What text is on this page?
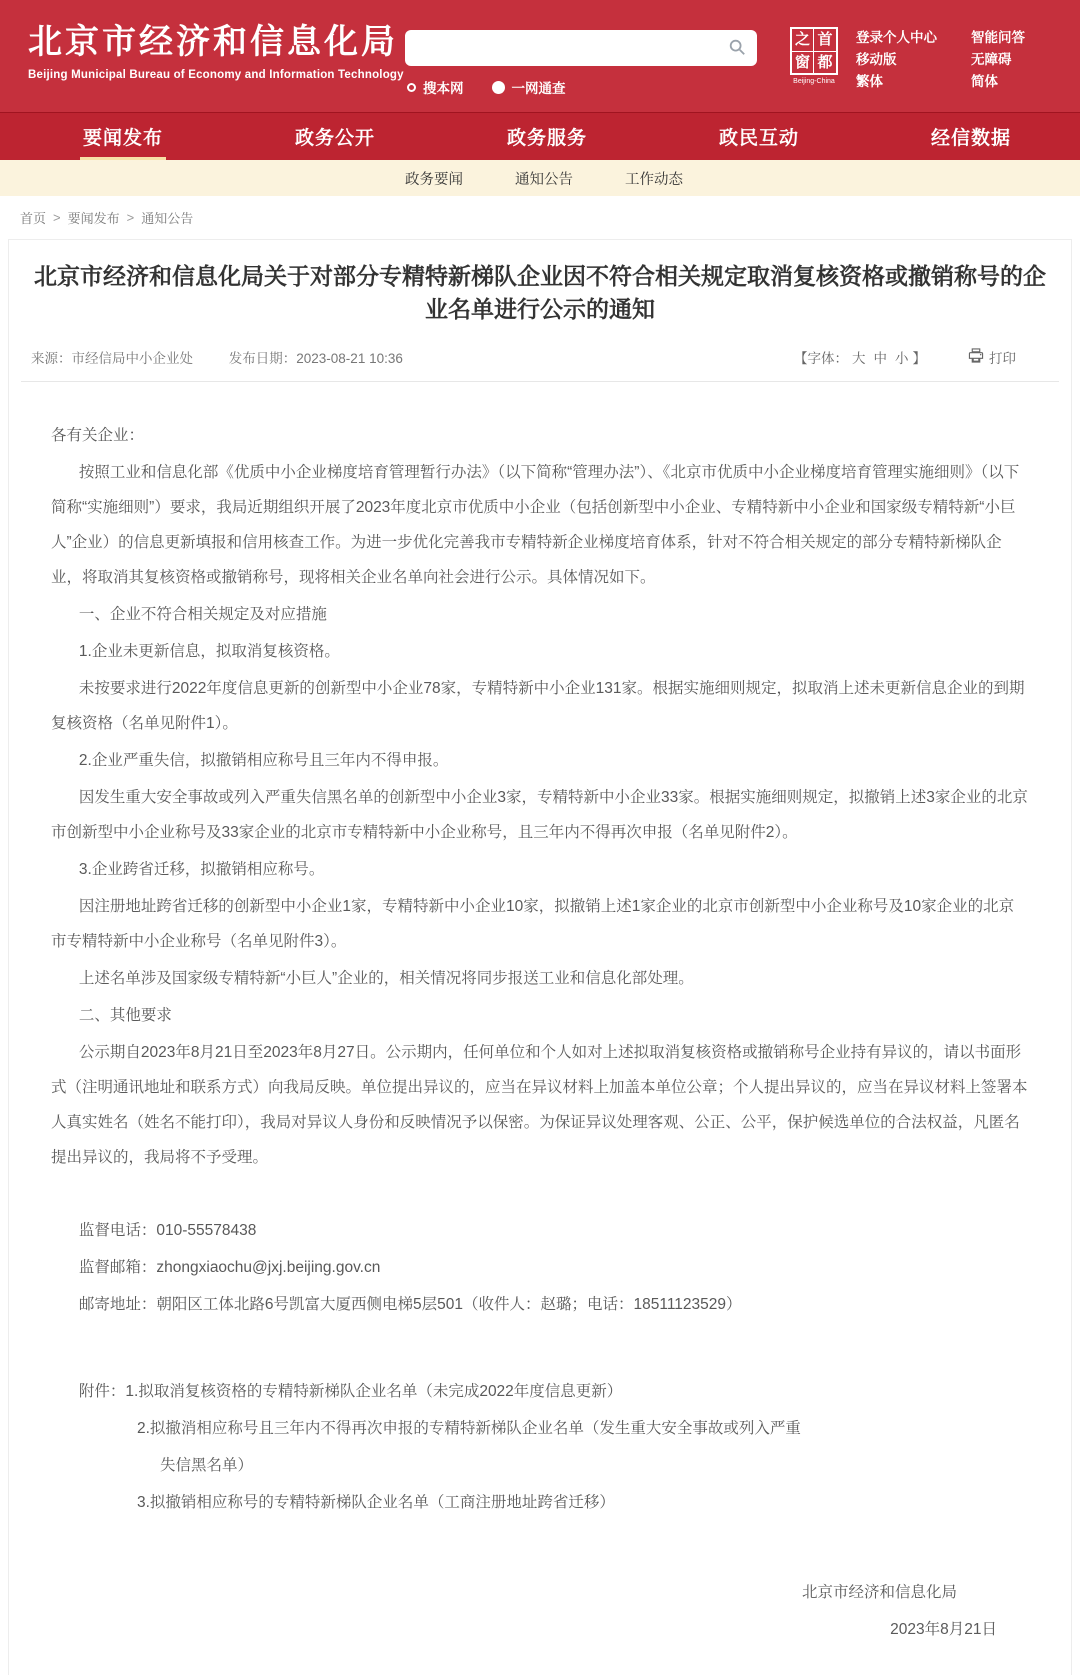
北京市经济和信息化局
Beijing Municipal Bureau of Economy and Information Technology
搜本网	一网通查
之 首
窗 都
Beijing-China
登录个人中心
移动版
繁体
智能问答
无障碍
简体
要闻发布	政务公开	政务服务	政民互动	经信数据
政务要闻	通知公告	工作动态
首页 > 要闻发布 > 通知公告
北京市经济和信息化局关于对部分专精特新梯队企业因不符合相关规定取消复核资格或撤销称号的企业名单进行公示的通知
来源：市经信局中小企业处	发布日期：2023-08-21 10:36	【字体： 大 中 小 】	打印

各有关企业：

按照工业和信息化部《优质中小企业梯度培育管理暂行办法》（以下简称“管理办法”）、《北京市优质中小企业梯度培育管理实施细则》（以下简称“实施细则”）要求，我局近期组织开展了2023年度北京市优质中小企业（包括创新型中小企业、专精特新中小企业和国家级专精特新“小巨人”企业）的信息更新填报和信用核查工作。为进一步优化完善我市专精特新企业梯度培育体系，针对不符合相关规定的部分专精特新梯队企业，将取消其复核资格或撤销称号，现将相关企业名单向社会进行公示。具体情况如下。

一、企业不符合相关规定及对应措施

1.企业未更新信息，拟取消复核资格。

未按要求进行2022年度信息更新的创新型中小企业78家，专精特新中小企业131家。根据实施细则规定，拟取消上述未更新信息企业的到期复核资格（名单见附件1）。

2.企业严重失信，拟撤销相应称号且三年内不得申报。

因发生重大安全事故或列入严重失信黑名单的创新型中小企业3家，专精特新中小企业33家。根据实施细则规定，拟撤销上述3家企业的北京市创新型中小企业称号及33家企业的北京市专精特新中小企业称号，且三年内不得再次申报（名单见附件2）。

3.企业跨省迁移，拟撤销相应称号。

因注册地址跨省迁移的创新型中小企业1家，专精特新中小企业10家，拟撤销上述1家企业的北京市创新型中小企业称号及10家企业的北京市专精特新中小企业称号（名单见附件3）。

上述名单涉及国家级专精特新“小巨人”企业的，相关情况将同步报送工业和信息化部处理。

二、其他要求

公示期自2023年8月21日至2023年8月27日。公示期内，任何单位和个人如对上述拟取消复核资格或撤销称号企业持有异议的，请以书面形式（注明通讯地址和联系方式）向我局反映。单位提出异议的，应当在异议材料上加盖本单位公章；个人提出异议的，应当在异议材料上签署本人真实姓名（姓名不能打印），我局对异议人身份和反映情况予以保密。为保证异议处理客观、公正、公平，保护候选单位的合法权益，凡匿名提出异议的，我局将不予受理。

监督电话：010-55578438

监督邮箱：zhongxiaochu@jxj.beijing.gov.cn

邮寄地址：朝阳区工体北路6号凯富大厦西侧电梯5层501（收件人：赵璐；电话：18511123529）

附件：1.拟取消复核资格的专精特新梯队企业名单（未完成2022年度信息更新）

2.拟撤消相应称号且三年内不得再次申报的专精特新梯队企业名单（发生重大安全事故或列入严重

失信黑名单）

3.拟撤销相应称号的专精特新梯队企业名单（工商注册地址跨省迁移）

北京市经济和信息化局

2023年8月21日
